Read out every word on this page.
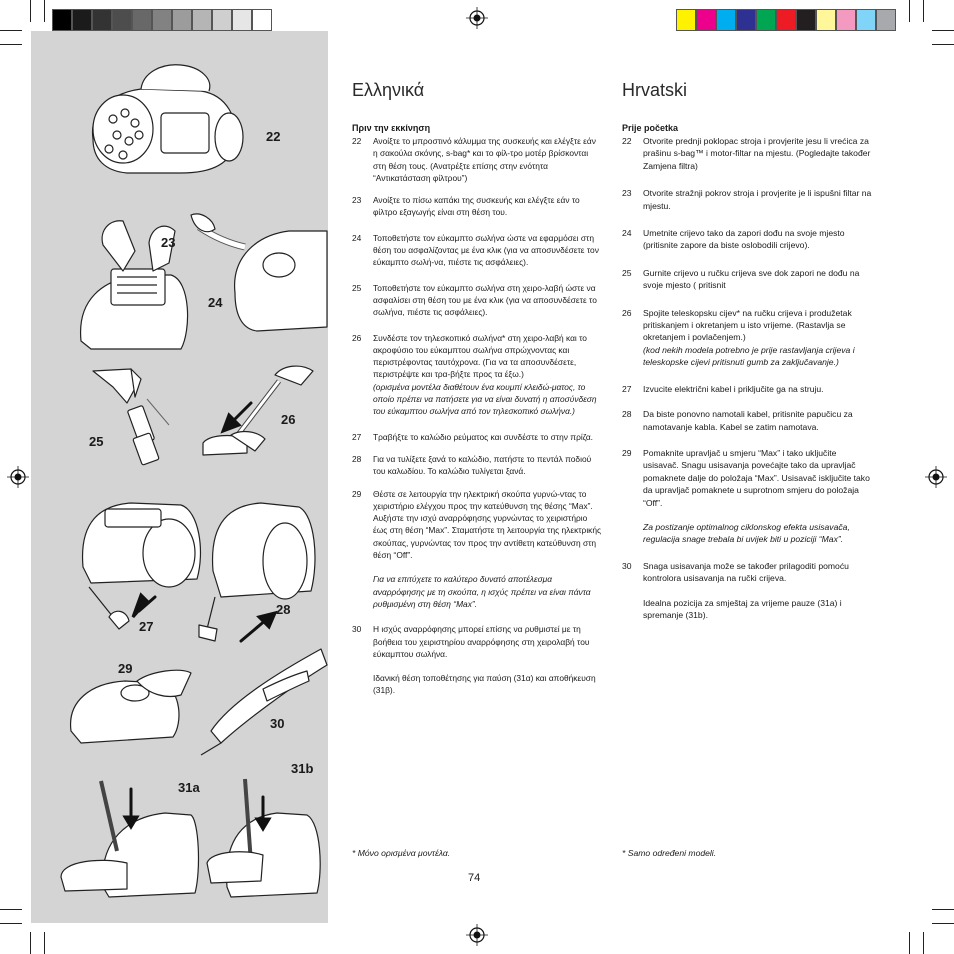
22
23
24
25
26
27
28
29
30
31a
31b
Ελληνικά
Πριν την εκκίνηση
22	Ανοίξτε το μπροστινό κάλυμμα της συσκευής και ελέγξτε εάν η σακούλα σκόνης, s-bag* και το φίλ-τρο μοτέρ βρίσκονται στη θέση τους. (Ανατρέξτε επίσης στην ενότητα “Αντικατάσταση φίλτρου”)

23	Ανοίξτε το πίσω καπάκι της συσκευής και ελέγξτε εάν το φίλτρο εξαγωγής είναι στη θέση του.

24	Τοποθετήστε τον εύκαμπτο σωλήνα ώστε να εφαρμόσει στη θέση του ασφαλίζοντας με ένα κλικ (για να αποσυνδέσετε τον εύκαμπτο σωλή-να, πιέστε τις ασφάλειες).

25	Τοποθετήστε τον εύκαμπτο σωλήνα στη χειρο-λαβή ώστε να ασφαλίσει στη θέση του με ένα κλικ (για να αποσυνδέσετε το σωλήνα, πιέστε τις ασφάλειες).

26	Συνδέστε τον τηλεσκοπικό σωλήνα* στη χειρο-λαβή και το ακροφύσιο του εύκαμπτου σωλήνα σπρώχνοντας και περιστρέφοντας ταυτόχρονα. (Για να τα αποσυνδέσετε, περιστρέψτε και τρα-βήξτε προς τα έξω.)

(ορισμένα μοντέλα διαθέτουν ένα κουμπί κλειδώ-ματος, το οποίο πρέπει να πατήσετε για να είναι δυνατή η αποσύνδεση του εύκαμπτου σωλήνα από τον τηλεσκοπικό σωλήνα.)

27	Τραβήξτε το καλώδιο ρεύματος και συνδέστε το στην πρίζα.

28	Για να τυλίξετε ξανά το καλώδιο, πατήστε το πεντάλ ποδιού του καλωδίου. Το καλώδιο τυλίγεται ξανά.

29	Θέστε σε λειτουργία την ηλεκτρική σκούπα γυρνώ-ντας το χειριστήριο ελέγχου προς την κατεύθυνση της θέσης “Max”. Αυξήστε την ισχύ αναρρόφησης γυρνώντας το χειριστήριο έως στη θέση “Max”. Σταματήστε τη λειτουργία της ηλεκτρικής σκούπας, γυρνώντας τον προς την αντίθετη κατεύθυνση στη θέση “Off”.

Για να επιτύχετε το καλύτερο δυνατό αποτέλεσμα αναρρόφησης με τη σκούπα, η ισχύς πρέπει να είναι πάντα ρυθμισμένη στη θέση “Max”.

30	Η ισχύς αναρρόφησης μπορεί επίσης να ρυθμιστεί με τη βοήθεια του χειριστηρίου αναρρόφησης στη χειρολαβή του εύκαμπτου σωλήνα.

Ιδανική θέση τοποθέτησης για παύση (31α) και αποθήκευση (31β).

Hrvatski
Prije početka
22	Otvorite prednji poklopac stroja i provjerite jesu li vrećica za prašinu s-bag™ i motor-filtar na mjestu. (Pogledajte također Zamjena filtra)

23	Otvorite stražnji pokrov stroja i provjerite je li ispušni filtar na mjestu.

24	Umetnite crijevo tako da zapori dođu na svoje mjesto (pritisnite zapore da biste oslobodili crijevo).

25	Gurnite crijevo u ručku crijeva sve dok zapori ne dođu na svoje mjesto ( pritisnit

26	Spojite teleskopsku cijev* na ručku crijeva i produžetak pritiskanjem i okretanjem u isto vrijeme. (Rastavlja se okretanjem i povlačenjem.)

(kod nekih modela potrebno je prije rastavljanja crijeva i teleskopske cijevi pritisnuti gumb za zaključavanje.)

27	Izvucite električni kabel i priključite ga na struju.

28	Da biste ponovno namotali kabel, pritisnite papučicu za namotavanje kabla. Kabel se zatim namotava.

29	Pomaknite upravljač u smjeru “Max” i tako uključite usisavač. Snagu usisavanja povećajte tako da upravljač pomaknete dalje do položaja “Max”. Usisavač isključite tako da upravljač pomaknete u suprotnom smjeru do položaja “Off”.

Za postizanje optimalnog ciklonskog efekta usisavača, regulacija snage trebala bi uvijek biti u poziciji “Max”.

30	Snaga usisavanja može se također prilagoditi pomoću kontrolora usisavanja na ručki crijeva.

Idealna pozicija za smještaj za vrijeme pauze (31a) i spremanje (31b).

* Μόνο ορισμένα μοντέλα.	* Samo određeni modeli.
74
